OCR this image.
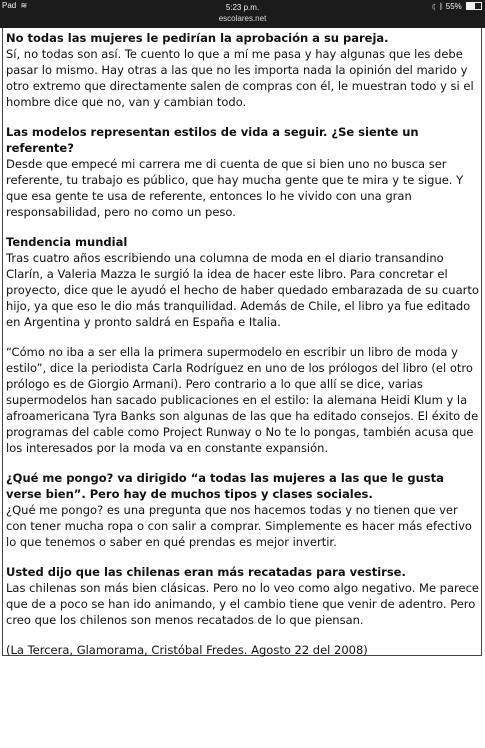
Pad ≋	5:23 p.m.
escolares.net
☾ ᛒ 55%
No todas las mujeres le pedirían la aprobación a su pareja.

Sí, no todas son así. Te cuento lo que a mí me pasa y hay algunas que les debe pasar lo mismo. Hay otras a las que no les importa nada la opinión del marido y otro extremo que directamente salen de compras con él, le muestran todo y si el hombre dice que no, van y cambian todo.

Las modelos representan estilos de vida a seguir. ¿Se siente un referente?

Desde que empecé mi carrera me di cuenta de que si bien uno no busca ser referente, tu trabajo es público, que hay mucha gente que te mira y te sigue. Y que esa gente te usa de referente, entonces lo he vivido con una gran responsabilidad, pero no como un peso.

Tendencia mundial

Tras cuatro años escribiendo una columna de moda en el diario transandino Clarín, a Valeria Mazza le surgió la idea de hacer este libro. Para concretar el proyecto, dice que le ayudó el hecho de haber quedado embarazada de su cuarto hijo, ya que eso le dio más tranquilidad. Además de Chile, el libro ya fue editado en Argentina y pronto saldrá en España e Italia.

“Cómo no iba a ser ella la primera supermodelo en escribir un libro de moda y estilo”, dice la periodista Carla Rodríguez en uno de los prólogos del libro (el otro prólogo es de Giorgio Armani). Pero contrario a lo que allí se dice, varias supermodelos han sacado publicaciones en el estilo: la alemana Heidi Klum y la afroamericana Tyra Banks son algunas de las que ha editado consejos. El éxito de programas del cable como Project Runway o No te lo pongas, también acusa que los interesados por la moda va en constante expansión.

¿Qué me pongo? va dirigido “a todas las mujeres a las que le gusta verse bien”. Pero hay de muchos tipos y clases sociales.

¿Qué me pongo? es una pregunta que nos hacemos todas y no tienen que ver con tener mucha ropa o con salir a comprar. Simplemente es hacer más efectivo lo que tenemos o saber en qué prendas es mejor invertir.

Usted dijo que las chilenas eran más recatadas para vestirse.

Las chilenas son más bien clásicas. Pero no lo veo como algo negativo. Me parece que de a poco se han ido animando, y el cambio tiene que venir de adentro. Pero creo que los chilenos son menos recatados de lo que piensan.

(La Tercera, Glamorama, Cristóbal Fredes. Agosto 22 del 2008)
